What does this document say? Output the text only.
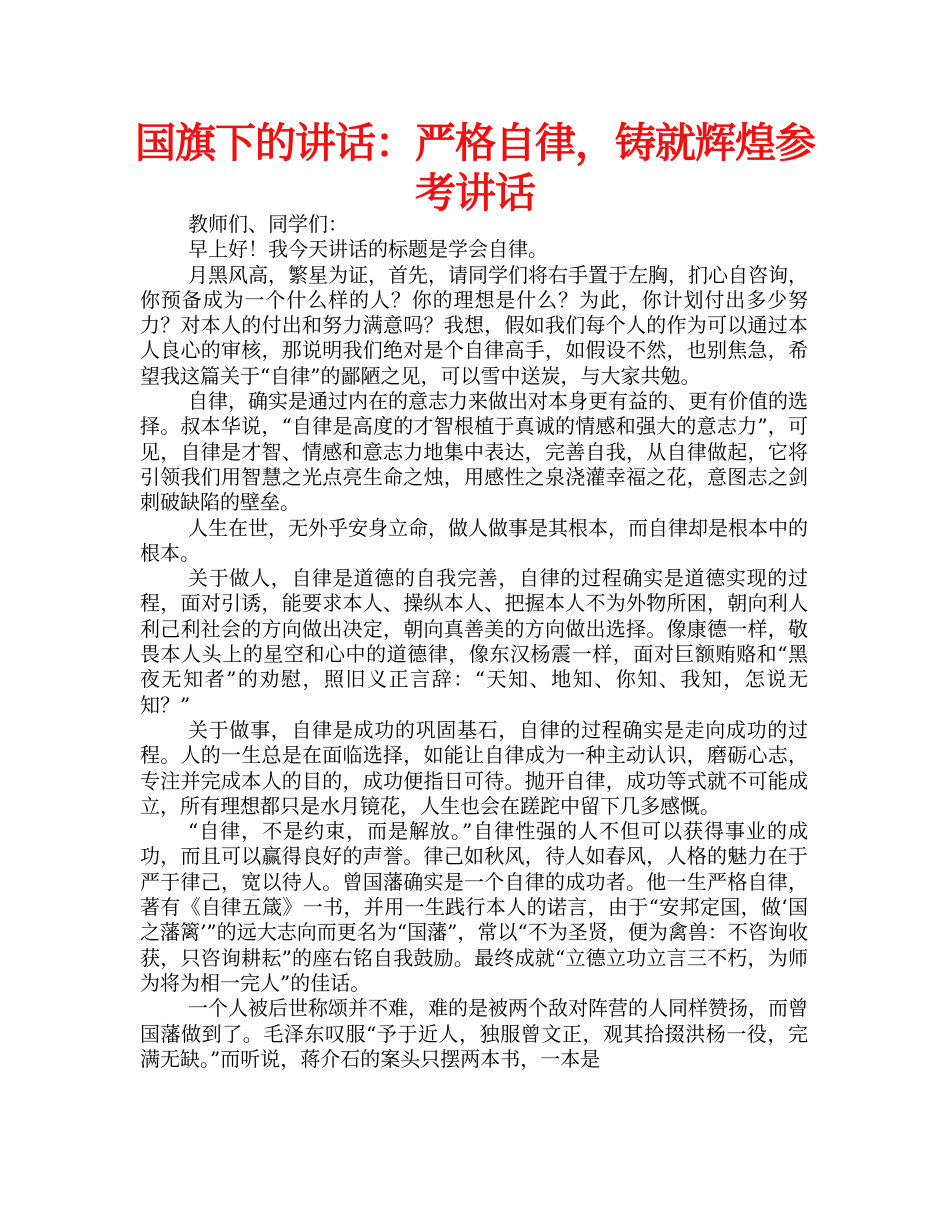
国旗下的讲话：严格自律，铸就辉煌参考讲话

教师们、同学们：

早上好！我今天讲话的标题是学会自律。

月黑风高，繁星为证，首先，请同学们将右手置于左胸，扪心自咨询，你预备成为一个什么样的人？你的理想是什么？为此，你计划付出多少努力？对本人的付出和努力满意吗？我想，假如我们每个人的作为可以通过本人良心的审核，那说明我们绝对是个自律高手，如假设不然，也别焦急，希望我这篇关于“自律”的鄙陋之见，可以雪中送炭，与大家共勉。

自律，确实是通过内在的意志力来做出对本身更有益的、更有价值的选择。叔本华说，“自律是高度的才智根植于真诚的情感和强大的意志力”，可见，自律是才智、情感和意志力地集中表达，完善自我，从自律做起，它将引领我们用智慧之光点亮生命之烛，用感性之泉浇灌幸福之花，意图志之剑刺破缺陷的壁垒。

人生在世，无外乎安身立命，做人做事是其根本，而自律却是根本中的根本。

关于做人，自律是道德的自我完善，自律的过程确实是道德实现的过程，面对引诱，能要求本人、操纵本人、把握本人不为外物所困，朝向利人利己利社会的方向做出决定，朝向真善美的方向做出选择。像康德一样，敬畏本人头上的星空和心中的道德律，像东汉杨震一样，面对巨额贿赂和“黑夜无知者”的劝慰，照旧义正言辞：“天知、地知、你知、我知，怎说无知？”

关于做事，自律是成功的巩固基石，自律的过程确实是走向成功的过程。人的一生总是在面临选择，如能让自律成为一种主动认识，磨砺心志，专注并完成本人的目的，成功便指日可待。抛开自律，成功等式就不可能成立，所有理想都只是水月镜花，人生也会在蹉跎中留下几多感慨。

“自律，不是约束，而是解放。”自律性强的人不但可以获得事业的成功，而且可以赢得良好的声誉。律己如秋风，待人如春风，人格的魅力在于严于律己，宽以待人。曾国藩确实是一个自律的成功者。他一生严格自律，著有《自律五箴》一书，并用一生践行本人的诺言，由于“安邦定国，做‘国之藩篱’”的远大志向而更名为“国藩”，常以“不为圣贤，便为禽兽：不咨询收获，只咨询耕耘”的座右铭自我鼓励。最终成就“立德立功立言三不朽，为师为将为相一完人”的佳话。

一个人被后世称颂并不难，难的是被两个敌对阵营的人同样赞扬，而曾国藩做到了。毛泽东叹服“予于近人，独服曾文正，观其拾掇洪杨一役，完满无缺。”而听说，蒋介石的案头只摆两本书，一本是
